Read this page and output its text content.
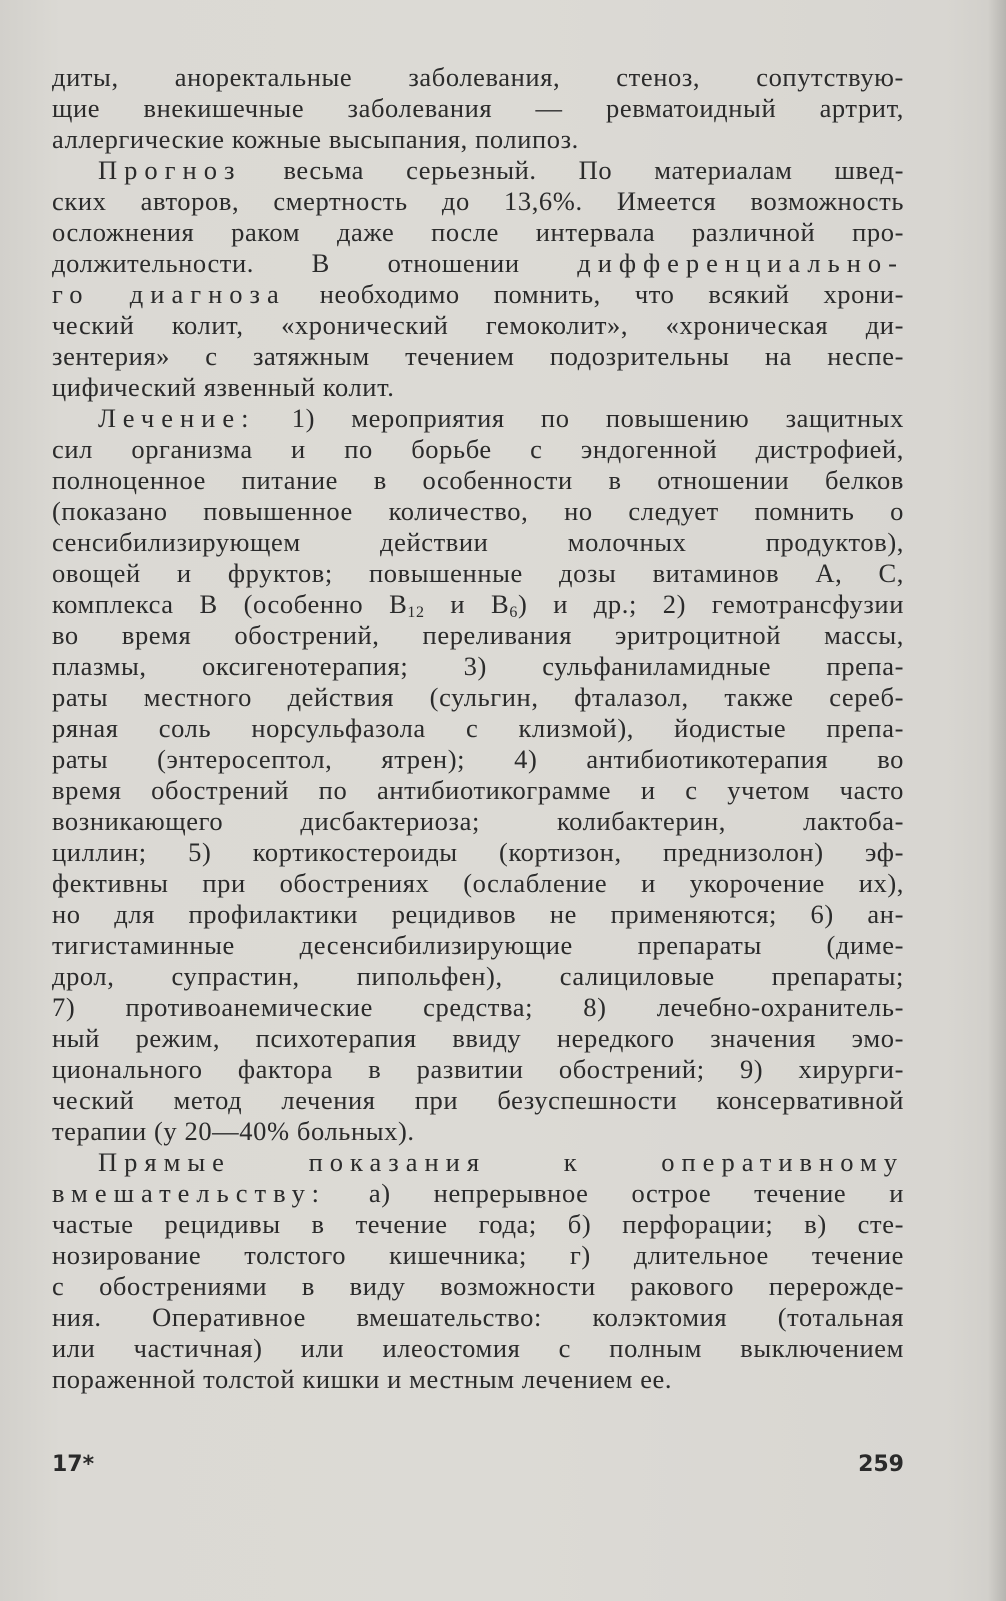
диты, аноректальные заболевания, стеноз, сопутствую-
щие внекишечные заболевания — ревматоидный артрит,
аллергические кожные высыпания, полипоз.
Прогноз весьма серьезный. По материалам швед-
ских авторов, смертность до 13,6%. Имеется возможность
осложнения раком даже после интервала различной про-
должительности. В отношении дифференциально-
го диагноза необходимо помнить, что всякий хрони-
ческий колит, «хронический гемоколит», «хроническая ди-
зентерия» с затяжным течением подозрительны на неспе-
цифический язвенный колит.
Лечение: 1) мероприятия по повышению защитных
сил организма и по борьбе с эндогенной дистрофией,
полноценное питание в особенности в отношении белков
(показано повышенное количество, но следует помнить о
сенсибилизирующем действии молочных продуктов),
овощей и фруктов; повышенные дозы витаминов А, С,
комплекса В (особенно $В_{12}$ и $В_6$) и др.; 2) гемотрансфузии
во время обострений, переливания эритроцитной массы,
плазмы, оксигенотерапия; 3) сульфаниламидные препа-
раты местного действия (сульгин, фталазол, также сереб-
ряная соль норсульфазола с клизмой), йодистые препа-
раты (энтеросептол, ятрен); 4) антибиотикотерапия во
время обострений по антибиотикограмме и с учетом часто
возникающего дисбактериоза; колибактерин, лактоба-
циллин; 5) кортикостероиды (кортизон, преднизолон) эф-
фективны при обострениях (ослабление и укорочение их),
но для профилактики рецидивов не применяются; 6) ан-
тигистаминные десенсибилизирующие препараты (диме-
дрол, супрастин, пипольфен), салициловые препараты;
7) противоанемические средства; 8) лечебно-охранитель-
ный режим, психотерапия ввиду нередкого значения эмо-
ционального фактора в развитии обострений; 9) хирурги-
ческий метод лечения при безуспешности консервативной
терапии (у 20—40% больных).
Прямые показания к оперативному
вмешательству: а) непрерывное острое течение и
частые рецидивы в течение года; б) перфорации; в) сте-
нозирование толстого кишечника; г) длительное течение
с обострениями в виду возможности ракового перерожде-
ния. Оперативное вмешательство: колэктомия (тотальная
или частичная) или илеостомия с полным выключением
пораженной толстой кишки и местным лечением ее.
17*	259
